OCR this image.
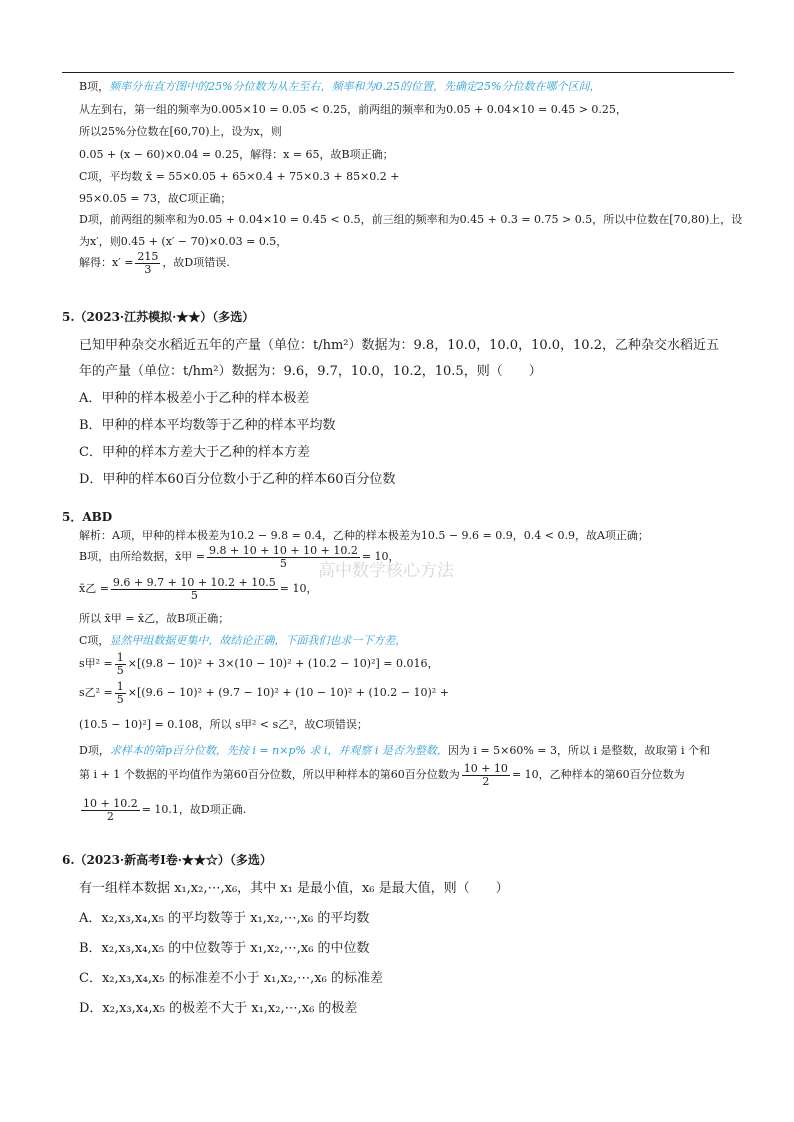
B项，频率分布直方图中的25%分位数为从左至右，频率和为0.25的位置，先确定25%分位数在哪个区间，
从左到右，第一组的频率为0.005×10 = 0.05 < 0.25，前两组的频率和为0.05 + 0.04×10 = 0.45 > 0.25，
所以25%分位数在[60,70)上，设为x，则
0.05 + (x − 60)×0.04 = 0.25，解得：x = 65，故B项正确；
C项，平均数 x̄ = 55×0.05 + 65×0.4 + 75×0.3 + 85×0.2 +
95×0.05 = 73，故C项正确；
D项，前两组的频率和为0.05 + 0.04×10 = 0.45 < 0.5，前三组的频率和为0.45 + 0.3 = 0.75 > 0.5，所以中位数在[70,80)上，设
为x′，则0.45 + (x′ − 70)×0.03 = 0.5，
解得：$x' = \frac{215}{3}$ ，故D项错误.
5.（2023·江苏模拟·★★）（多选）
已知甲种杂交水稻近五年的产量（单位：t/hm²）数据为：9.8，10.0，10.0，10.0，10.2，乙种杂交水稻近五
年的产量（单位：t/hm²）数据为：9.6，9.7，10.0，10.2，10.5，则（　　）
A．甲种的样本极差小于乙种的样本极差
B．甲种的样本平均数等于乙种的样本平均数
C．甲种的样本方差大于乙种的样本方差
D．甲种的样本60百分位数小于乙种的样本60百分位数
高中数学核心方法
5．ABD
解析：A项，甲种的样本极差为10.2 − 9.8 = 0.4，乙种的样本极差为10.5 − 9.6 = 0.9，0.4 < 0.9，故A项正确；
B项，由所给数据，x̄甲 = $\frac{9.8 + 10 + 10 + 10 + 10.2}{5} = 10$，
x̄乙 = $\frac{9.6 + 9.7 + 10 + 10.2 + 10.5}{5} = 10$，
所以 x̄甲 = x̄乙，故B项正确；
C项，显然甲组数据更集中，故结论正确，下面我们也求一下方差，
s甲$^2 = \frac{1}{5} \times[(9.8 - 10)^2 + 3\times(10 - 10)^2 + (10.2 - 10)^2] = 0.016$，
s乙$^2 = \frac{1}{5} \times[(9.6 - 10)^2 + (9.7 - 10)^2 + (10 - 10)^2 + (10.2 - 10)^2$ +
(10.5 − 10)²] = 0.108，所以 s甲² < s乙²，故C项错误；
D项，求样本的第p百分位数，先按 i = n×p% 求 i，并观察 i 是否为整数，因为 i = 5×60% = 3，所以 i 是整数，故取第 i 个和
第 i + 1 个数据的平均值作为第60百分位数，所以甲种样本的第60百分位数为 $\frac{10 + 10}{2} = 10$，乙种样本的第60百分位数为
$\frac{10 + 10.2}{2} = 10.1$，故D项正确.
6.（2023·新高考Ⅰ卷·★★☆）（多选）
有一组样本数据 x₁,x₂,⋯,x₆，其中 x₁ 是最小值，x₆ 是最大值，则（　　）
A．x₂,x₃,x₄,x₅ 的平均数等于 x₁,x₂,⋯,x₆ 的平均数
B．x₂,x₃,x₄,x₅ 的中位数等于 x₁,x₂,⋯,x₆ 的中位数
C．x₂,x₃,x₄,x₅ 的标准差不小于 x₁,x₂,⋯,x₆ 的标准差
D．x₂,x₃,x₄,x₅ 的极差不大于 x₁,x₂,⋯,x₆ 的极差
